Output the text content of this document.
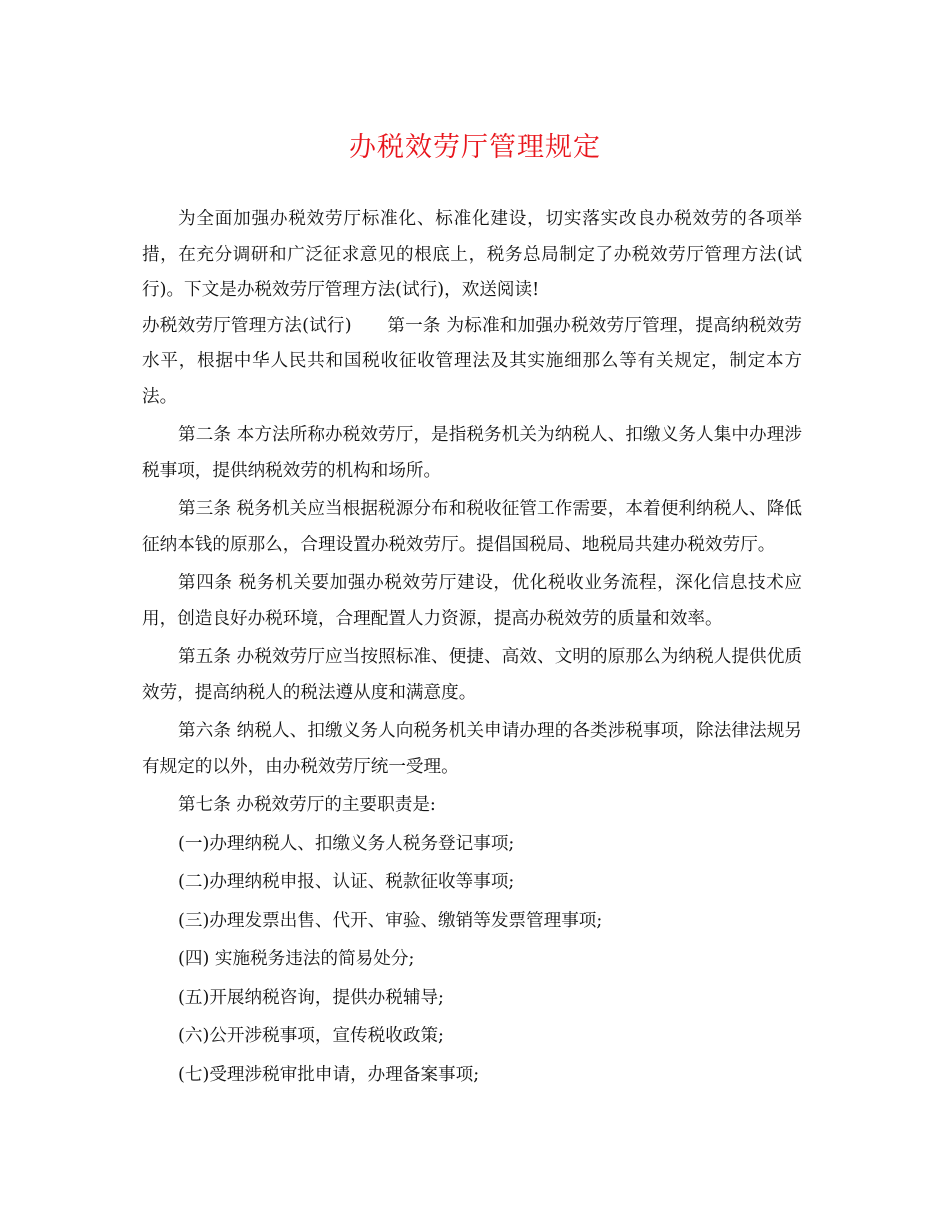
办税效劳厅管理规定

为全面加强办税效劳厅标准化、标准化建设，切实落实改良办税效劳的各项举措，在充分调研和广泛征求意见的根底上，税务总局制定了办税效劳厅管理方法(试行)。下文是办税效劳厅管理方法(试行)，欢送阅读!

办税效劳厅管理方法(试行)　　第一条 为标准和加强办税效劳厅管理，提高纳税效劳水平，根据中华人民共和国税收征收管理法及其实施细那么等有关规定，制定本方法。

第二条 本方法所称办税效劳厅，是指税务机关为纳税人、扣缴义务人集中办理涉税事项，提供纳税效劳的机构和场所。

第三条 税务机关应当根据税源分布和税收征管工作需要，本着便利纳税人、降低征纳本钱的原那么，合理设置办税效劳厅。提倡国税局、地税局共建办税效劳厅。

第四条 税务机关要加强办税效劳厅建设，优化税收业务流程，深化信息技术应用，创造良好办税环境，合理配置人力资源，提高办税效劳的质量和效率。

第五条 办税效劳厅应当按照标准、便捷、高效、文明的原那么为纳税人提供优质效劳，提高纳税人的税法遵从度和满意度。

第六条 纳税人、扣缴义务人向税务机关申请办理的各类涉税事项，除法律法规另有规定的以外，由办税效劳厅统一受理。

第七条 办税效劳厅的主要职责是:

(一)办理纳税人、扣缴义务人税务登记事项;

(二)办理纳税申报、认证、税款征收等事项;

(三)办理发票出售、代开、审验、缴销等发票管理事项;

(四) 实施税务违法的简易处分;

(五)开展纳税咨询，提供办税辅导;

(六)公开涉税事项，宣传税收政策;

(七)受理涉税审批申请，办理备案事项;
